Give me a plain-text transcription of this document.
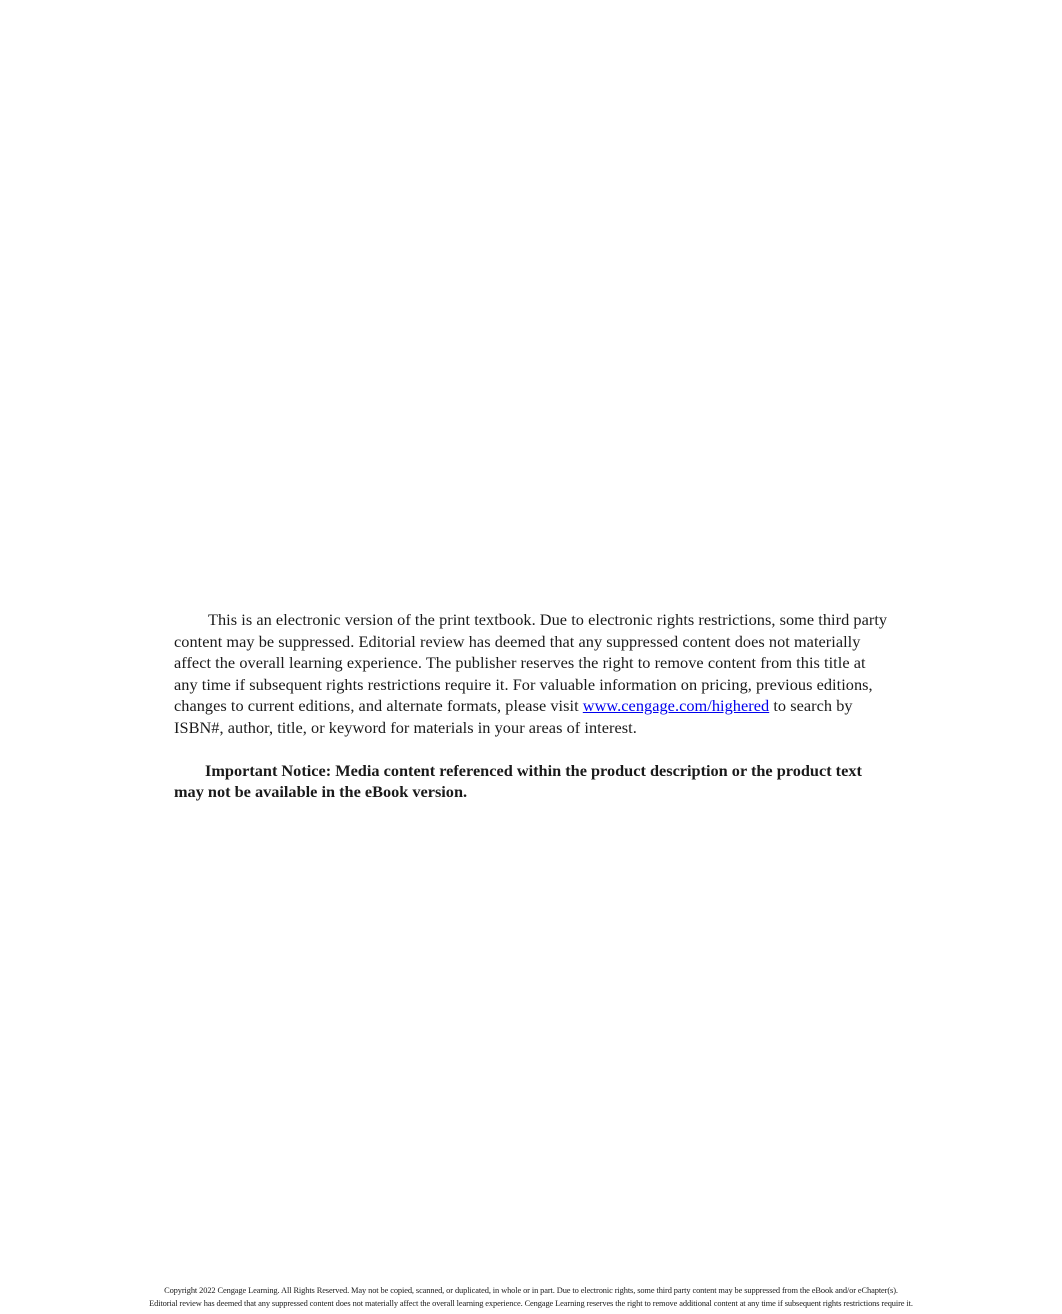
This is an electronic version of the print textbook. Due to electronic rights restrictions, some third party content may be suppressed. Editorial review has deemed that any suppressed content does not materially affect the overall learning experience. The publisher reserves the right to remove content from this title at any time if subsequent rights restrictions require it. For valuable information on pricing, previous editions, changes to current editions, and alternate formats, please visit www.cengage.com/highered to search by ISBN#, author, title, or keyword for materials in your areas of interest.

Important Notice: Media content referenced within the product description or the product text may not be available in the eBook version.

Copyright 2022 Cengage Learning. All Rights Reserved. May not be copied, scanned, or duplicated, in whole or in part. Due to electronic rights, some third party content may be suppressed from the eBook and/or eChapter(s).
Editorial review has deemed that any suppressed content does not materially affect the overall learning experience. Cengage Learning reserves the right to remove additional content at any time if subsequent rights restrictions require it.
